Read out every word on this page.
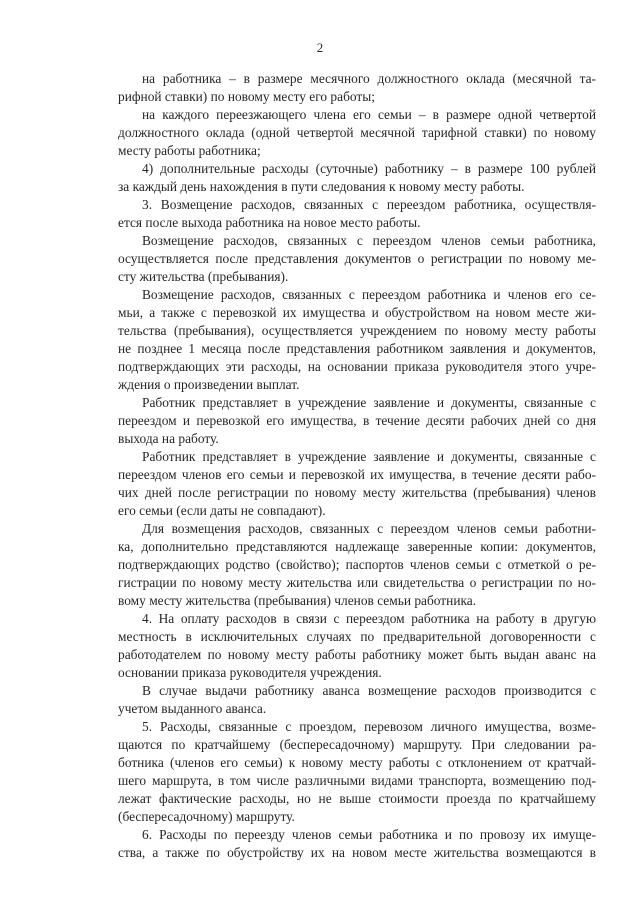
2
на работника – в размере месячного должностного оклада (месячной та-
рифной ставки) по новому месту его работы;
на каждого переезжающего члена его семьи – в размере одной четвертой
должностного оклада (одной четвертой месячной тарифной ставки) по новому
месту работы работника;
4) дополнительные расходы (суточные) работнику – в размере 100 рублей
за каждый день нахождения в пути следования к новому месту работы.
3. Возмещение расходов, связанных с переездом работника, осуществля-
ется после выхода работника на новое место работы.
Возмещение расходов, связанных с переездом членов семьи работника,
осуществляется после представления документов о регистрации по новому ме-
сту жительства (пребывания).
Возмещение расходов, связанных с переездом работника и членов его се-
мьи, а также с перевозкой их имущества и обустройством на новом месте жи-
тельства (пребывания), осуществляется учреждением по новому месту работы
не позднее 1 месяца после представления работником заявления и документов,
подтверждающих эти расходы, на основании приказа руководителя этого учре-
ждения о произведении выплат.
Работник представляет в учреждение заявление и документы, связанные с
переездом и перевозкой его имущества, в течение десяти рабочих дней со дня
выхода на работу.
Работник представляет в учреждение заявление и документы, связанные с
переездом членов его семьи и перевозкой их имущества, в течение десяти рабо-
чих дней после регистрации по новому месту жительства (пребывания) членов
его семьи (если даты не совпадают).
Для возмещения расходов, связанных с переездом членов семьи работни-
ка, дополнительно представляются надлежаще заверенные копии: документов,
подтверждающих родство (свойство); паспортов членов семьи с отметкой о ре-
гистрации по новому месту жительства или свидетельства о регистрации по но-
вому месту жительства (пребывания) членов семьи работника.
4. На оплату расходов в связи с переездом работника на работу в другую
местность в исключительных случаях по предварительной договоренности с
работодателем по новому месту работы работнику может быть выдан аванс на
основании приказа руководителя учреждения.
В случае выдачи работнику аванса возмещение расходов производится с
учетом выданного аванса.
5. Расходы, связанные с проездом, перевозом личного имущества, возме-
щаются по кратчайшему (беспересадочному) маршруту. При следовании ра-
ботника (членов его семьи) к новому месту работы с отклонением от кратчай-
шего маршрута, в том числе различными видами транспорта, возмещению под-
лежат фактические расходы, но не выше стоимости проезда по кратчайшему
(беспересадочному) маршруту.
6. Расходы по переезду членов семьи работника и по провозу их имуще-
ства, а также по обустройству их на новом месте жительства возмещаются в
